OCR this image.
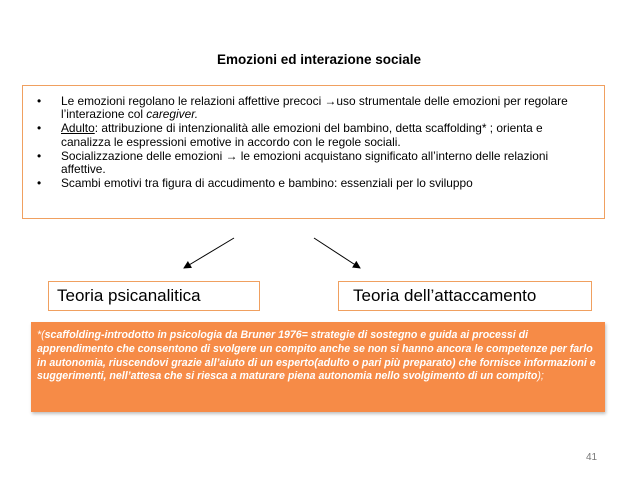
Emozioni ed interazione sociale
• Le emozioni regolano le relazioni affettive precoci →uso strumentale delle emozioni per regolare l’interazione col caregiver.
• Adulto: attribuzione di intenzionalità alle emozioni del bambino, detta scaffolding* ; orienta e canalizza le espressioni emotive in accordo con le regole sociali.
• Socializzazione delle emozioni → le emozioni acquistano significato all’interno delle relazioni affettive.
• Scambi emotivi tra figura di accudimento e bambino: essenziali per lo sviluppo
Teoria psicanalitica	Teoria dell’attaccamento
*(scaffolding-introdotto in psicologia da Bruner 1976= strategie di sostegno e guida ai processi di apprendimento che consentono di svolgere un compito anche se non si hanno ancora le competenze per farlo in autonomia, riuscendovi grazie all’aiuto di un esperto(adulto o pari più preparato) che fornisce informazioni e suggerimenti, nell’attesa che si riesca a maturare piena autonomia nello svolgimento di un compito);
41
